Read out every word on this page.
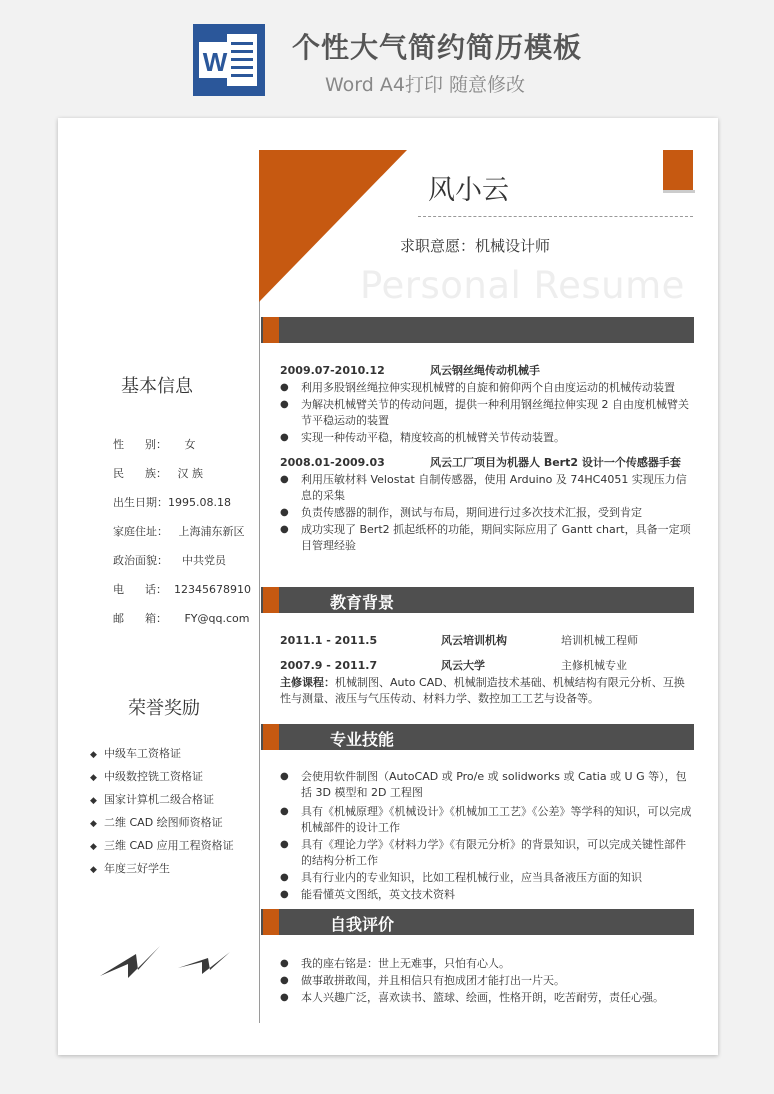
W 个性大气简约简历模板
Word A4打印 随意修改
风小云
求职意愿：机械设计师
Personal Resume
基本信息
性      别：     女
民      族：   汉 族
出生日期：1995.08.18
家庭住址：   上海浦东新区
政治面貌：    中共党员
电      话：  12345678910
邮      箱：     FY@qq.com
荣誉奖励
◆ 中级车工资格证
◆ 中级数控铣工资格证
◆ 国家计算机二级合格证
◆ 二维 CAD 绘图师资格证
◆ 三维 CAD 应用工程资格证
◆ 年度三好学生
2009.07-2010.12	风云钢丝绳传动机械手
● 利用多股钢丝绳拉伸实现机械臂的自旋和俯仰两个自由度运动的机械传动装置
● 为解决机械臂关节的传动问题，提供一种利用钢丝绳拉伸实现 2 自由度机械臂关节平稳运动的装置
● 实现一种传动平稳，精度较高的机械臂关节传动装置。
2008.01-2009.03	风云工厂项目为机器人 Bert2 设计一个传感器手套
● 利用压敏材料 Velostat 自制传感器，使用 Arduino 及 74HC4051 实现压力信息的采集
● 负责传感器的制作，测试与布局，期间进行过多次技术汇报，受到肯定
● 成功实现了 Bert2 抓起纸杯的功能，期间实际应用了 Gantt chart，具备一定项目管理经验
教育背景
2011.1 - 2011.5	风云培训机构	培训机械工程师
2007.9 - 2011.7	风云大学	主修机械专业
主修课程：机械制图、Auto CAD、机械制造技术基础、机械结构有限元分析、互换性与测量、液压与气压传动、材料力学、数控加工工艺与设备等。
专业技能
● 会使用软件制图（AutoCAD 或 Pro/e 或 solidworks 或 Catia 或 U G 等），包括 3D 模型和 2D 工程图
● 具有《机械原理》《机械设计》《机械加工工艺》《公差》等学科的知识，可以完成机械部件的设计工作
● 具有《理论力学》《材料力学》《有限元分析》的背景知识，可以完成关键性部件的结构分析工作
● 具有行业内的专业知识，比如工程机械行业，应当具备液压方面的知识
● 能看懂英文图纸，英文技术资料
自我评价
● 我的座右铭是：世上无难事，只怕有心人。
● 做事敢拼敢闯，并且相信只有抱成团才能打出一片天。
● 本人兴趣广泛，喜欢读书、篮球、绘画，性格开朗，吃苦耐劳，责任心强。
